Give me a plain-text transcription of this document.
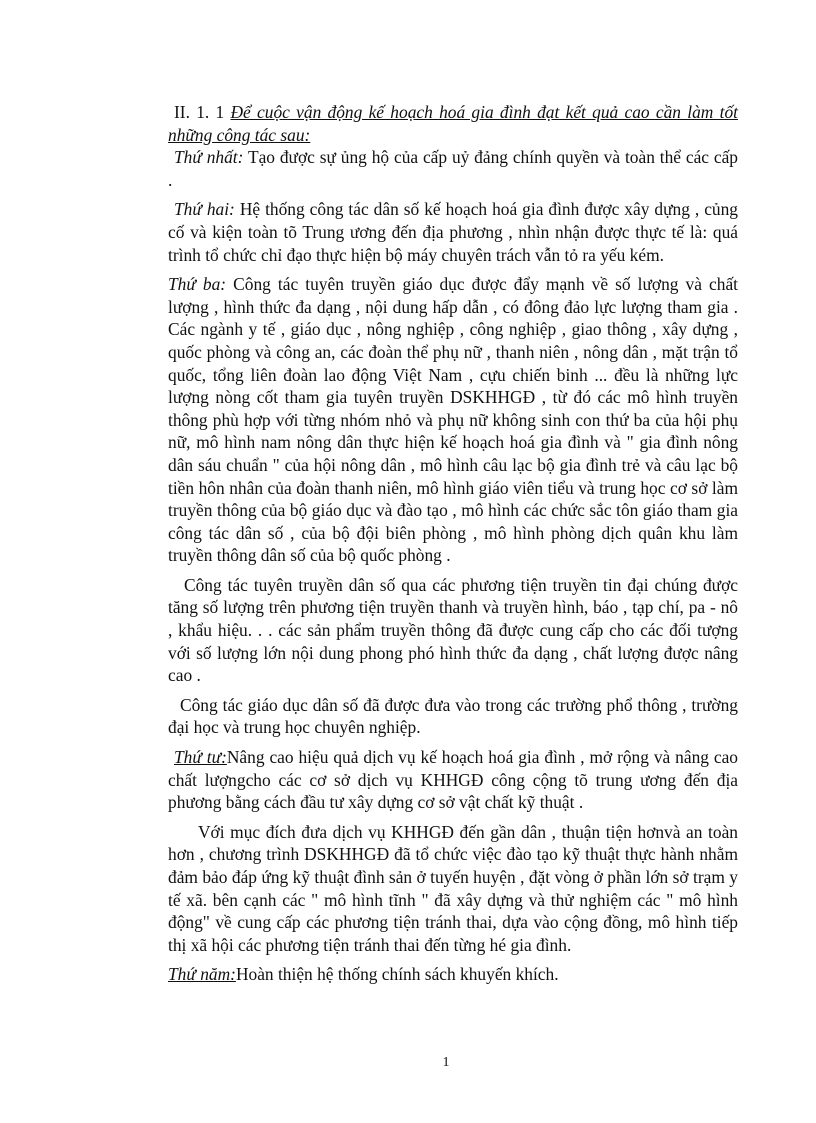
II. 1. 1 Để cuộc vận động kế hoạch hoá gia đình đạt kết quả cao cần làm tốt những công tác sau:

Thứ nhất: Tạo được sự ủng hộ của cấp uỷ đảng chính quyền và toàn thể các cấp .

Thứ hai: Hệ thống công tác dân số kế hoạch hoá gia đình được xây dựng , củng cố và kiện toàn tõ Trung ương đến địa phương , nhìn nhận được thực tế là: quá trình tổ chức chỉ đạo thực hiện bộ máy chuyên trách vẫn tỏ ra yếu kém.

Thứ ba: Công tác tuyên truyền giáo dục được đẩy mạnh về số lượng và chất lượng , hình thức đa dạng , nội dung hấp dẫn , có đông đảo lực lượng tham gia . Các ngành y tế , giáo dục , nông nghiệp , công nghiệp , giao thông , xây dựng , quốc phòng và công an, các đoàn thể phụ nữ , thanh niên , nông dân , mặt trận tổ quốc, tổng liên đoàn lao động Việt Nam , cựu chiến binh ... đều là những lực lượng nòng cốt tham gia tuyên truyền DSKHHGĐ , từ đó các mô hình truyền thông phù hợp với từng nhóm nhỏ và phụ nữ không sinh con thứ ba của hội phụ nữ, mô hình nam nông dân thực hiện kế hoạch hoá gia đình và " gia đình nông dân sáu chuẩn " của hội nông dân , mô hình câu lạc bộ gia đình trẻ và câu lạc bộ tiền hôn nhân của đoàn thanh niên, mô hình giáo viên tiểu và trung học cơ sở làm truyền thông của bộ giáo dục và đào tạo , mô hình các chức sắc tôn giáo tham gia công tác dân số , của bộ đội biên phòng , mô hình phòng dịch quân khu làm truyền thông dân số của bộ quốc phòng .

Công tác tuyên truyền dân số qua các phương tiện truyền tin đại chúng được tăng số lượng trên phương tiện truyền thanh và truyền hình, báo , tạp chí, pa - nô , khẩu hiệu. . . các sản phẩm truyền thông đã được cung cấp cho các đối tượng với số lượng lớn nội dung phong phó hình thức đa dạng , chất lượng được nâng cao .

Công tác giáo dục dân số đã được đưa vào trong các trường phổ thông , trường đại học và trung học chuyên nghiệp.

Thứ tư:Nâng cao hiệu quả dịch vụ kế hoạch hoá gia đình , mở rộng và nâng cao chất lượngcho các cơ sở dịch vụ KHHGĐ công cộng tõ trung ương đến địa phương bằng cách đầu tư xây dựng cơ sở vật chất kỹ thuật .

Với mục đích đưa dịch vụ KHHGĐ đến gần dân , thuận tiện hơnvà an toàn hơn , chương trình DSKHHGĐ đã tổ chức việc đào tạo kỹ thuật thực hành nhằm đảm bảo đáp ứng kỹ thuật đình sản ở tuyến huyện , đặt vòng ở phần lớn sở trạm y tế xã. bên cạnh các " mô hình tĩnh " đã xây dựng và thử nghiệm các " mô hình động" về cung cấp các phương tiện tránh thai, dựa vào cộng đồng, mô hình tiếp thị xã hội các phương tiện tránh thai đến từng hé gia đình.

Thứ năm:Hoàn thiện hệ thống chính sách khuyến khích.

1
